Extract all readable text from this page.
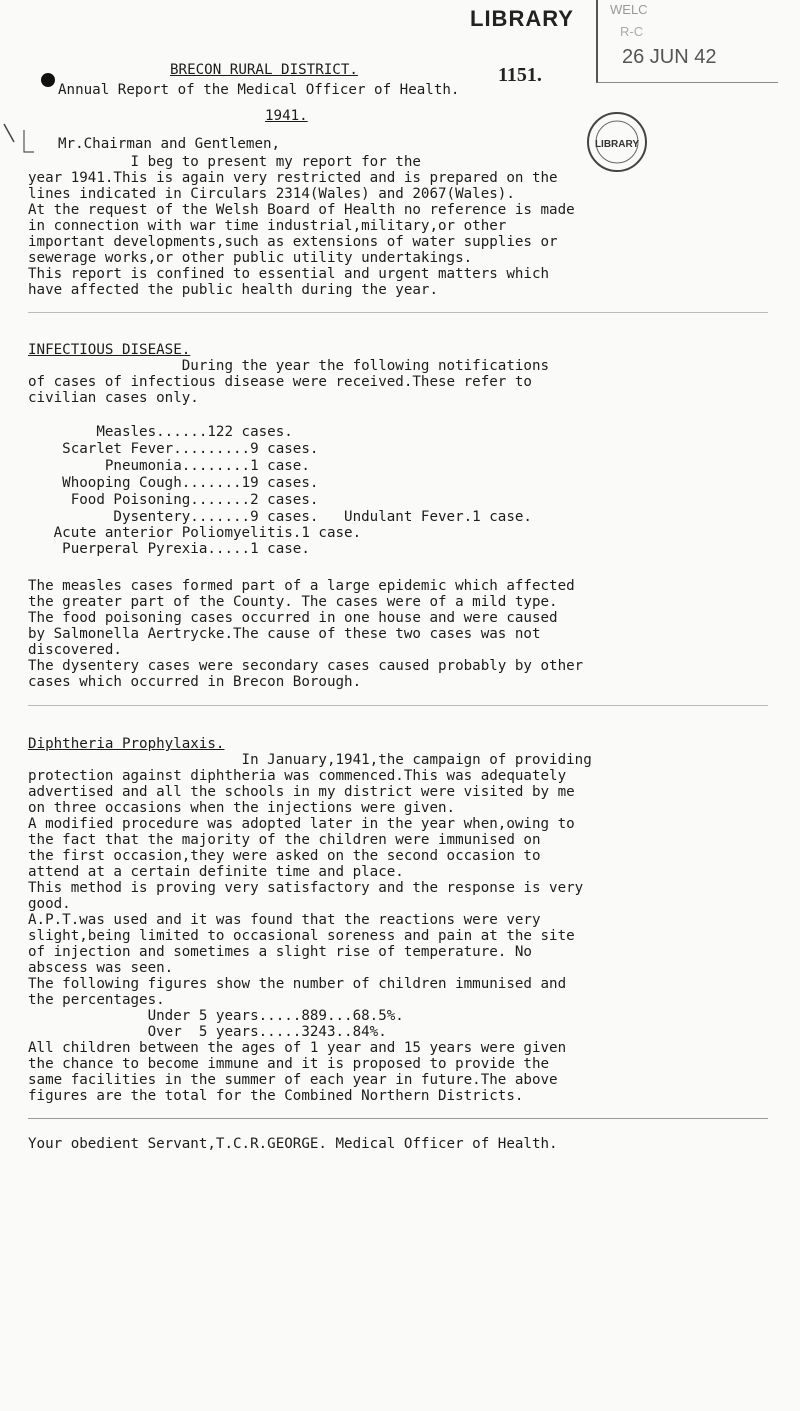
LIBRARY	WELC
R-C
26 JUN 42
1151.
LIBRARY
BRECON RURAL DISTRICT.
Annual Report of the Medical Officer of Health.
1941.
Mr.Chairman and Gentlemen,
I beg to present my report for the
year 1941.This is again very restricted and is prepared on the
lines indicated in Circulars 2314(Wales) and 2067(Wales).
At the request of the Welsh Board of Health no reference is made
in connection with war time industrial,military,or other
important developments,such as extensions of water supplies or
sewerage works,or other public utility undertakings.
This report is confined to essential and urgent matters which
have affected the public health during the year.
INFECTIOUS DISEASE.
During the year the following notifications
of cases of infectious disease were received.These refer to
civilian cases only.
Measles......122 cases.
Scarlet Fever.........9 cases.
Pneumonia........1 case.
Whooping Cough.......19 cases.
Food Poisoning.......2 cases.
Dysentery.......9 cases.   Undulant Fever.1 case.
Acute anterior Poliomyelitis.1 case.
Puerperal Pyrexia.....1 case.
The measles cases formed part of a large epidemic which affected
the greater part of the County. The cases were of a mild type.
The food poisoning cases occurred in one house and were caused
by Salmonella Aertrycke.The cause of these two cases was not
discovered.
The dysentery cases were secondary cases caused probably by other
cases which occurred in Brecon Borough.
Diphtheria Prophylaxis.
In January,1941,the campaign of providing
protection against diphtheria was commenced.This was adequately
advertised and all the schools in my district were visited by me
on three occasions when the injections were given.
A modified procedure was adopted later in the year when,owing to
the fact that the majority of the children were immunised on
the first occasion,they were asked on the second occasion to
attend at a certain definite time and place.
This method is proving very satisfactory and the response is very
good.
A.P.T.was used and it was found that the reactions were very
slight,being limited to occasional soreness and pain at the site
of injection and sometimes a slight rise of temperature. No
abscess was seen.
The following figures show the number of children immunised and
the percentages.
Under 5 years.....889...68.5%.
Over  5 years.....3243..84%.
All children between the ages of 1 year and 15 years were given
the chance to become immune and it is proposed to provide the
same facilities in the summer of each year in future.The above
figures are the total for the Combined Northern Districts.
Your obedient Servant,T.C.R.GEORGE. Medical Officer of Health.
